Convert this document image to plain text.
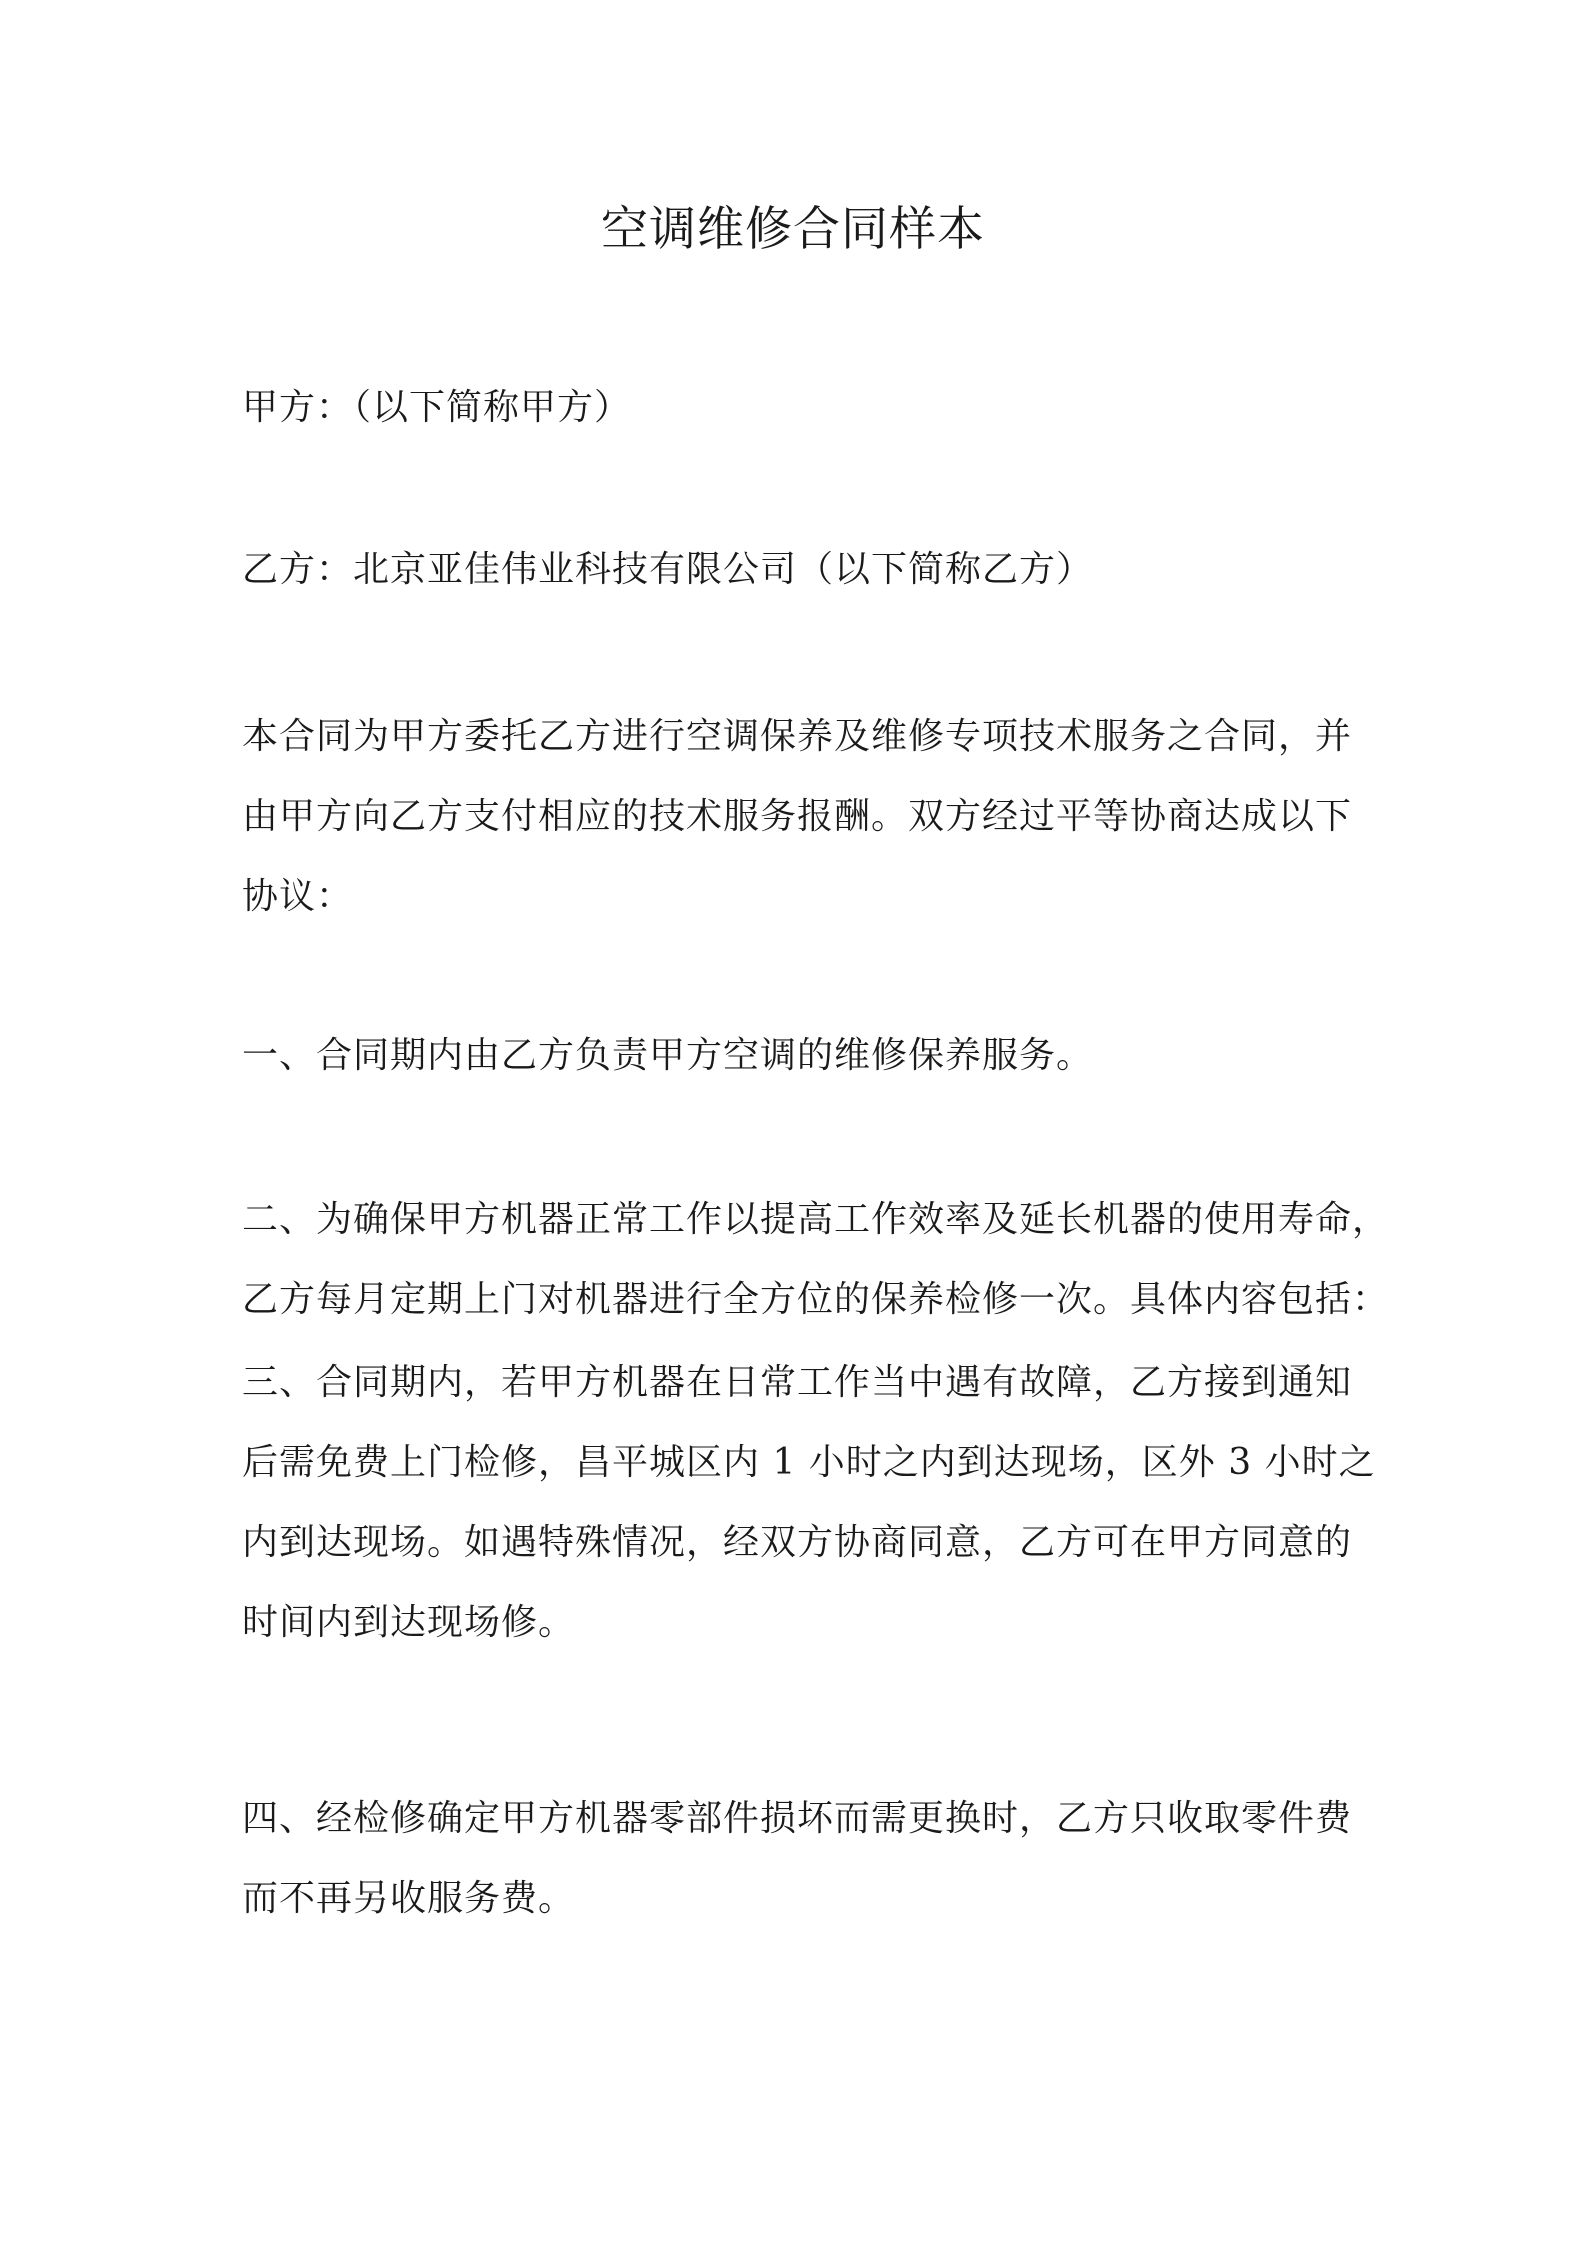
空调维修合同样本

甲方：（以下简称甲方）

乙方：北京亚佳伟业科技有限公司（以下简称乙方）

本合同为甲方委托乙方进行空调保养及维修专项技术服务之合同，并
由甲方向乙方支付相应的技术服务报酬。双方经过平等协商达成以下
协议：

一、合同期内由乙方负责甲方空调的维修保养服务。

二、为确保甲方机器正常工作以提高工作效率及延长机器的使用寿命，
乙方每月定期上门对机器进行全方位的保养检修一次。具体内容包括：

三、合同期内，若甲方机器在日常工作当中遇有故障，乙方接到通知
后需免费上门检修，昌平城区内 1 小时之内到达现场，区外 3 小时之
内到达现场。如遇特殊情况，经双方协商同意，乙方可在甲方同意的
时间内到达现场修。

四、经检修确定甲方机器零部件损坏而需更换时，乙方只收取零件费
而不再另收服务费。
